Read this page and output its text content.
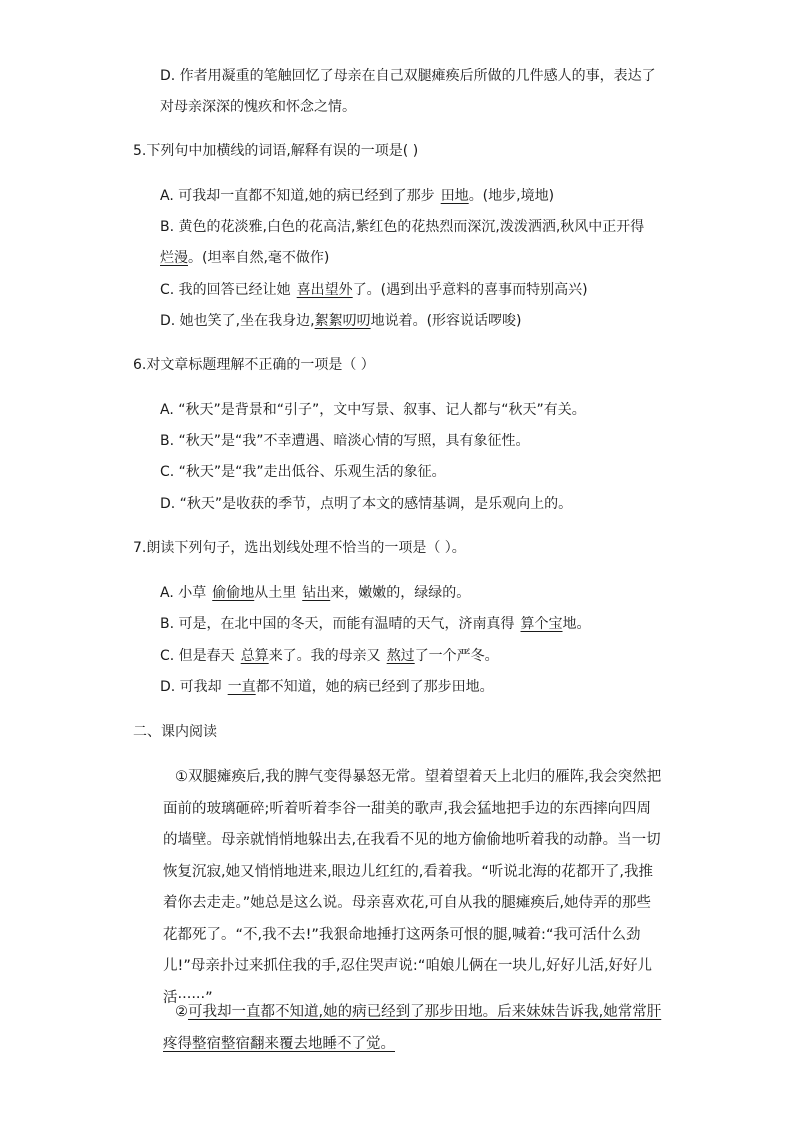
D. 作者用凝重的笔触回忆了母亲在自己双腿瘫痪后所做的几件感人的事，表达了
对母亲深深的愧疚和怀念之情。
5.下列句中加横线的词语,解释有误的一项是( )
A. 可我却一直都不知道,她的病已经到了那步 田地。(地步,境地)
B. 黄色的花淡雅,白色的花高洁,紫红色的花热烈而深沉,泼泼洒洒,秋风中正开得
烂漫。(坦率自然,毫不做作)
C. 我的回答已经让她 喜出望外了。(遇到出乎意料的喜事而特别高兴)
D. 她也笑了,坐在我身边,絮絮叨叨地说着。(形容说话啰唆)
6.对文章标题理解不正确的一项是（ ）
A. “秋天”是背景和“引子”，文中写景、叙事、记人都与“秋天”有关。
B. “秋天”是“我”不幸遭遇、暗淡心情的写照，具有象征性。
C. “秋天”是“我”走出低谷、乐观生活的象征。
D. “秋天”是收获的季节，点明了本文的感情基调，是乐观向上的。
7.朗读下列句子，选出划线处理不恰当的一项是（ ）。
A. 小草 偷偷地从土里 钻出来，嫩嫩的，绿绿的。
B. 可是，在北中国的冬天，而能有温晴的天气，济南真得 算个宝地。
C. 但是春天 总算来了。我的母亲又 熬过了一个严冬。
D. 可我却 一直都不知道，她的病已经到了那步田地。
二、课内阅读
①双腿瘫痪后,我的脾气变得暴怒无常。望着望着天上北归的雁阵,我会突然把面前的玻璃砸碎;听着听着李谷一甜美的歌声,我会猛地把手边的东西摔向四周的墙壁。母亲就悄悄地躲出去,在我看不见的地方偷偷地听着我的动静。当一切恢复沉寂,她又悄悄地进来,眼边儿红红的,看着我。“听说北海的花都开了,我推着你去走走。”她总是这么说。母亲喜欢花,可自从我的腿瘫痪后,她侍弄的那些花都死了。“不,我不去!”我狠命地捶打这两条可恨的腿,喊着:“我可活什么劲儿!”母亲扑过来抓住我的手,忍住哭声说:“咱娘儿俩在一块儿,好好儿活,好好儿活······”
②可我却一直都不知道,她的病已经到了那步田地。后来妹妹告诉我,她常常肝疼得整宿整宿翻来覆去地睡不了觉。
